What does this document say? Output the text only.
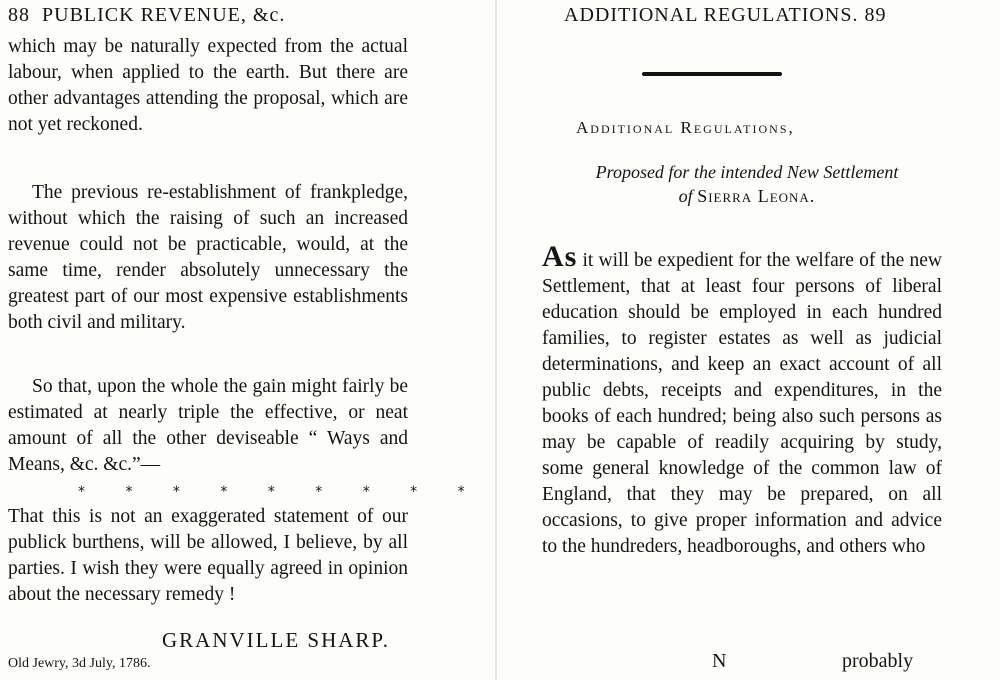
88 PUBLICK REVENUE, &c.

which may be naturally expected from the actual labour, when applied to the earth. But there are other advantages attending the proposal, which are not yet reckoned.

The previous re-establishment of frankpledge, without which the raising of such an increased revenue could not be practicable, would, at the same time, render absolutely unnecessary the greatest part of our most expensive establishments both civil and military.

So that, upon the whole the gain might fairly be estimated at nearly triple the effective, or neat amount of all the other deviseable “ Ways and Means, &c. &c.”—

* * * * * * * * *

That this is not an exaggerated statement of our publick burthens, will be allowed, I believe, by all parties. I wish they were equally agreed in opinion about the necessary remedy !

GRANVILLE SHARP.
Old Jewry, 3d July, 1786.
ADDITIONAL REGULATIONS. 89
Additional Regulations,
Proposed for the intended New Settlement
of Sierra Leona.

As it will be expedient for the welfare of the new Settlement, that at least four persons of liberal education should be employed in each hundred families, to register estates as well as judicial determinations, and keep an exact account of all public debts, receipts and expenditures, in the books of each hundred; being also such persons as may be capable of readily acquiring by study, some general knowledge of the common law of England, that they may be prepared, on all occasions, to give proper information and advice to the hundreders, headboroughs, and others who

N	probably
